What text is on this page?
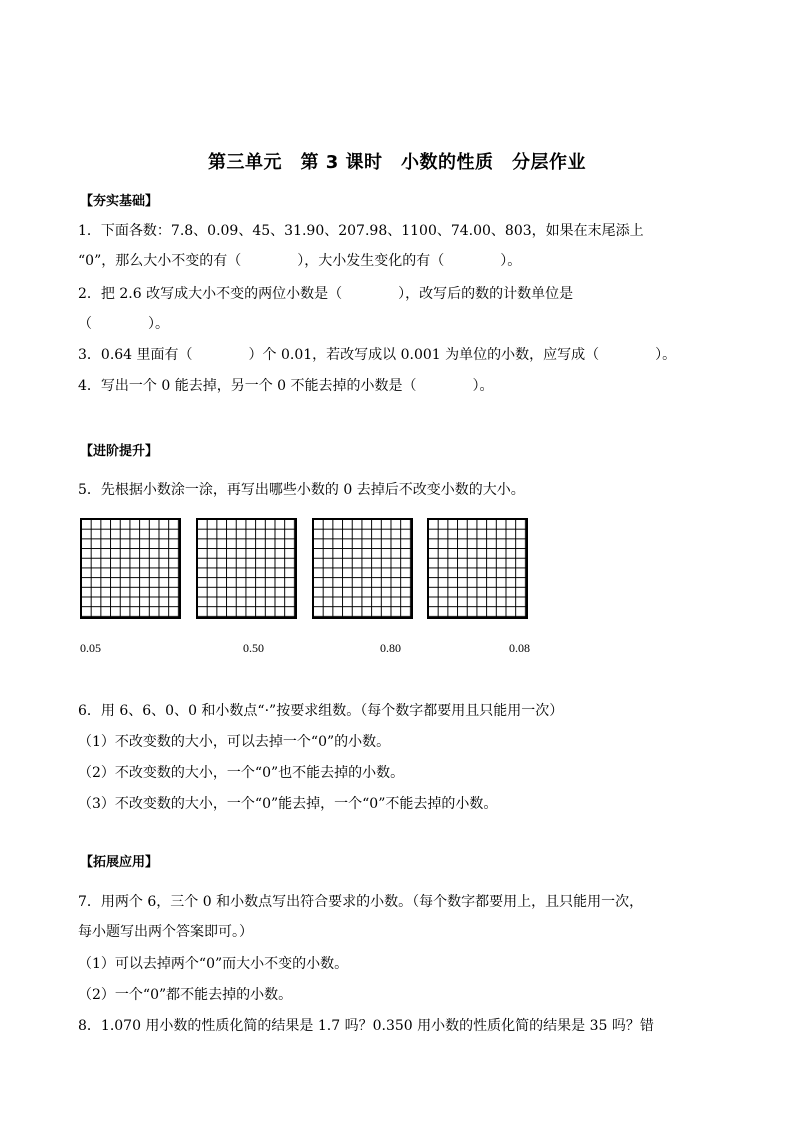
第三单元　第 3 课时　小数的性质　分层作业
【夯实基础】
1．下面各数：7.8、0.09、45、31.90、207.98、1100、74.00、803，如果在末尾添上
“0”，那么大小不变的有（　　　　），大小发生变化的有（　　　　）。
2．把 2.6 改写成大小不变的两位小数是（　　　　），改写后的数的计数单位是
（　　　　）。
3．0.64 里面有（　　　　）个 0.01，若改写成以 0.001 为单位的小数，应写成（　　　　）。
4．写出一个 0 能去掉，另一个 0 不能去掉的小数是（　　　　）。
【进阶提升】
5．先根据小数涂一涂，再写出哪些小数的 0 去掉后不改变小数的大小。
0.05	0.50	0.80	0.08
6．用 6、6、0、0 和小数点“·”按要求组数。（每个数字都要用且只能用一次）
（1）不改变数的大小，可以去掉一个“0”的小数。
（2）不改变数的大小，一个“0”也不能去掉的小数。
（3）不改变数的大小，一个“0”能去掉，一个“0”不能去掉的小数。
【拓展应用】
7．用两个 6，三个 0 和小数点写出符合要求的小数。（每个数字都要用上，且只能用一次，
每小题写出两个答案即可。）
（1）可以去掉两个“0”而大小不变的小数。
（2）一个“0”都不能去掉的小数。
8．1.070 用小数的性质化简的结果是 1.7 吗？0.350 用小数的性质化简的结果是 35 吗？错
